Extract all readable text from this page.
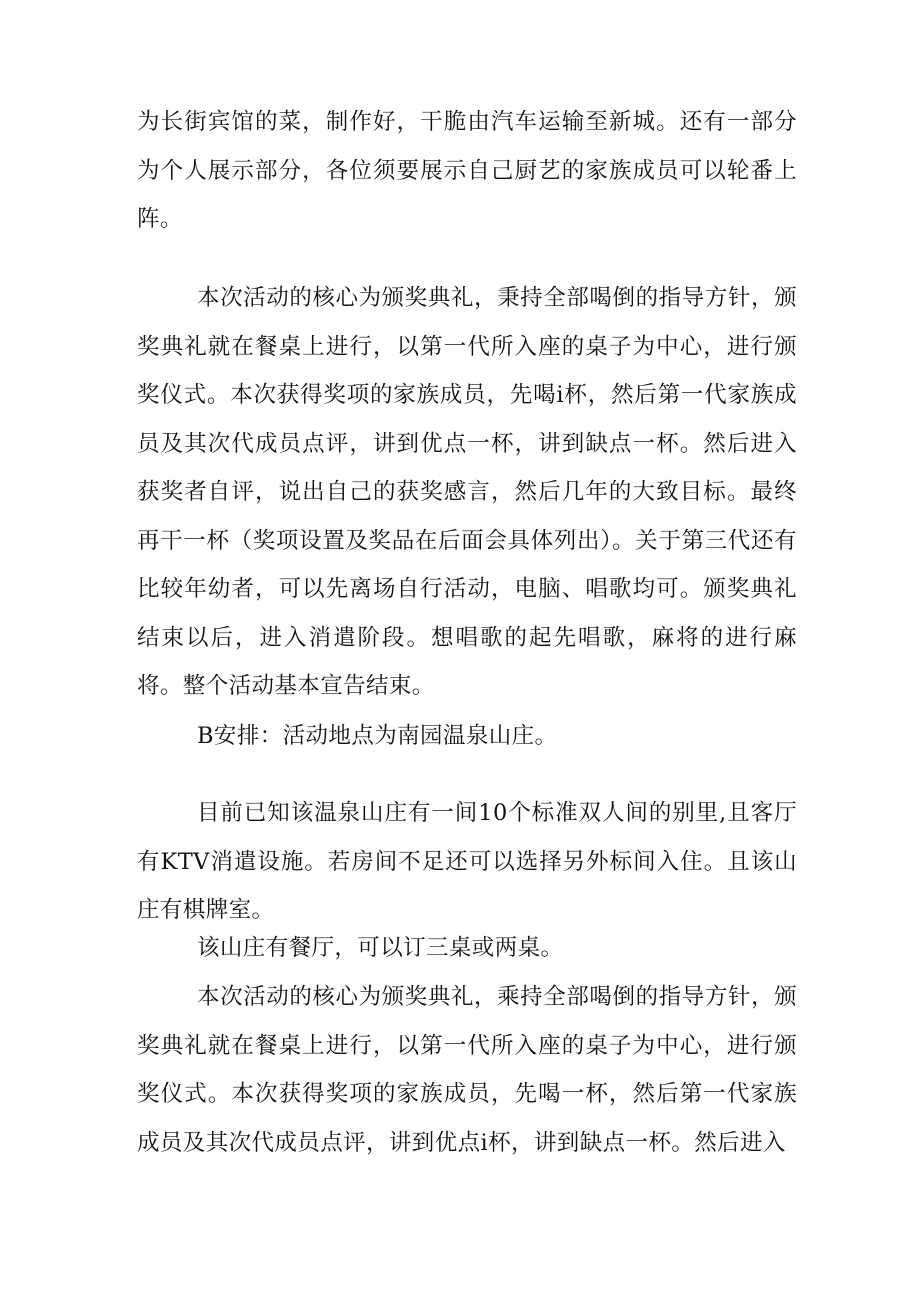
为长街宾馆的菜，制作好，干脆由汽车运输至新城。还有一部分为个人展示部分，各位须要展示自己厨艺的家族成员可以轮番上阵。

本次活动的核心为颁奖典礼，秉持全部喝倒的指导方针，颁奖典礼就在餐桌上进行，以第一代所入座的桌子为中心，进行颁奖仪式。本次获得奖项的家族成员，先喝i杯，然后第一代家族成员及其次代成员点评，讲到优点一杯，讲到缺点一杯。然后进入获奖者自评，说出自己的获奖感言，然后几年的大致目标。最终再干一杯（奖项设置及奖品在后面会具体列出）。关于第三代还有比较年幼者，可以先离场自行活动，电脑、唱歌均可。颁奖典礼结束以后，进入消遣阶段。想唱歌的起先唱歌，麻将的进行麻将。整个活动基本宣告结束。

B安排：活动地点为南园温泉山庄。

目前已知该温泉山庄有一间10个标准双人间的别里,且客厅有KTV消遣设施。若房间不足还可以选择另外标间入住。且该山庄有棋牌室。

该山庄有餐厅，可以订三桌或两桌。

本次活动的核心为颁奖典礼，乘持全部喝倒的指导方针，颁奖典礼就在餐桌上进行，以第一代所入座的桌子为中心，进行颁奖仪式。本次获得奖项的家族成员，先喝一杯，然后第一代家族成员及其次代成员点评，讲到优点i杯，讲到缺点一杯。然后进入
